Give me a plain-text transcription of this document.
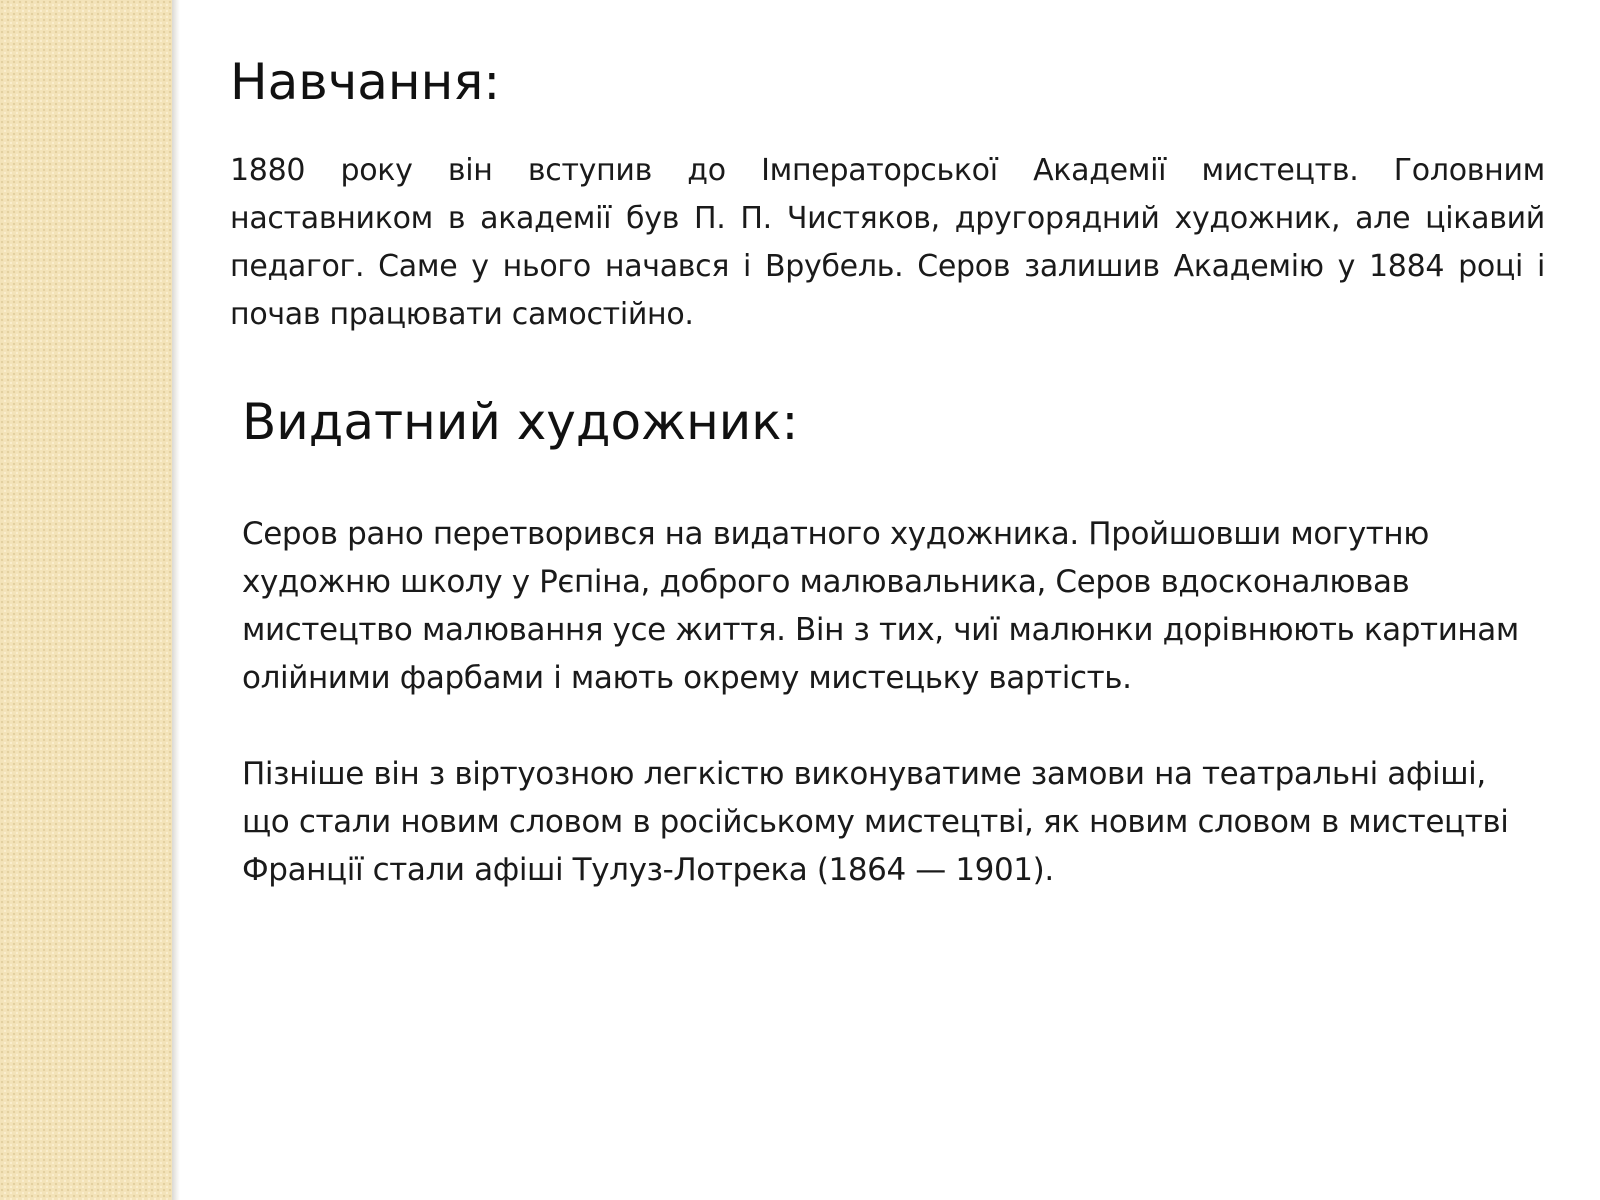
Навчання:

1880 року він вступив до Імператорської Академії мистецтв. Головним наставником в академії був П. П. Чистяков, другорядний художник, але цікавий педагог. Саме у нього начався і Врубель. Серов залишив Академію у 1884 році і почав працювати самостійно.

Видатний художник:

Серов рано перетворився на видатного художника. Пройшовши могутню художню школу у Рєпіна, доброго малювальника, Серов вдосконалював мистецтво малювання усе життя. Він з тих, чиї малюнки дорівнюють картинам олійними фарбами і мають окрему мистецьку вартість.

Пізніше він з віртуозною легкістю виконуватиме замови на театральні афіші, що стали новим словом в російському мистецтві, як новим словом в мистецтві Франції стали афіші Тулуз-Лотрека (1864 — 1901).
